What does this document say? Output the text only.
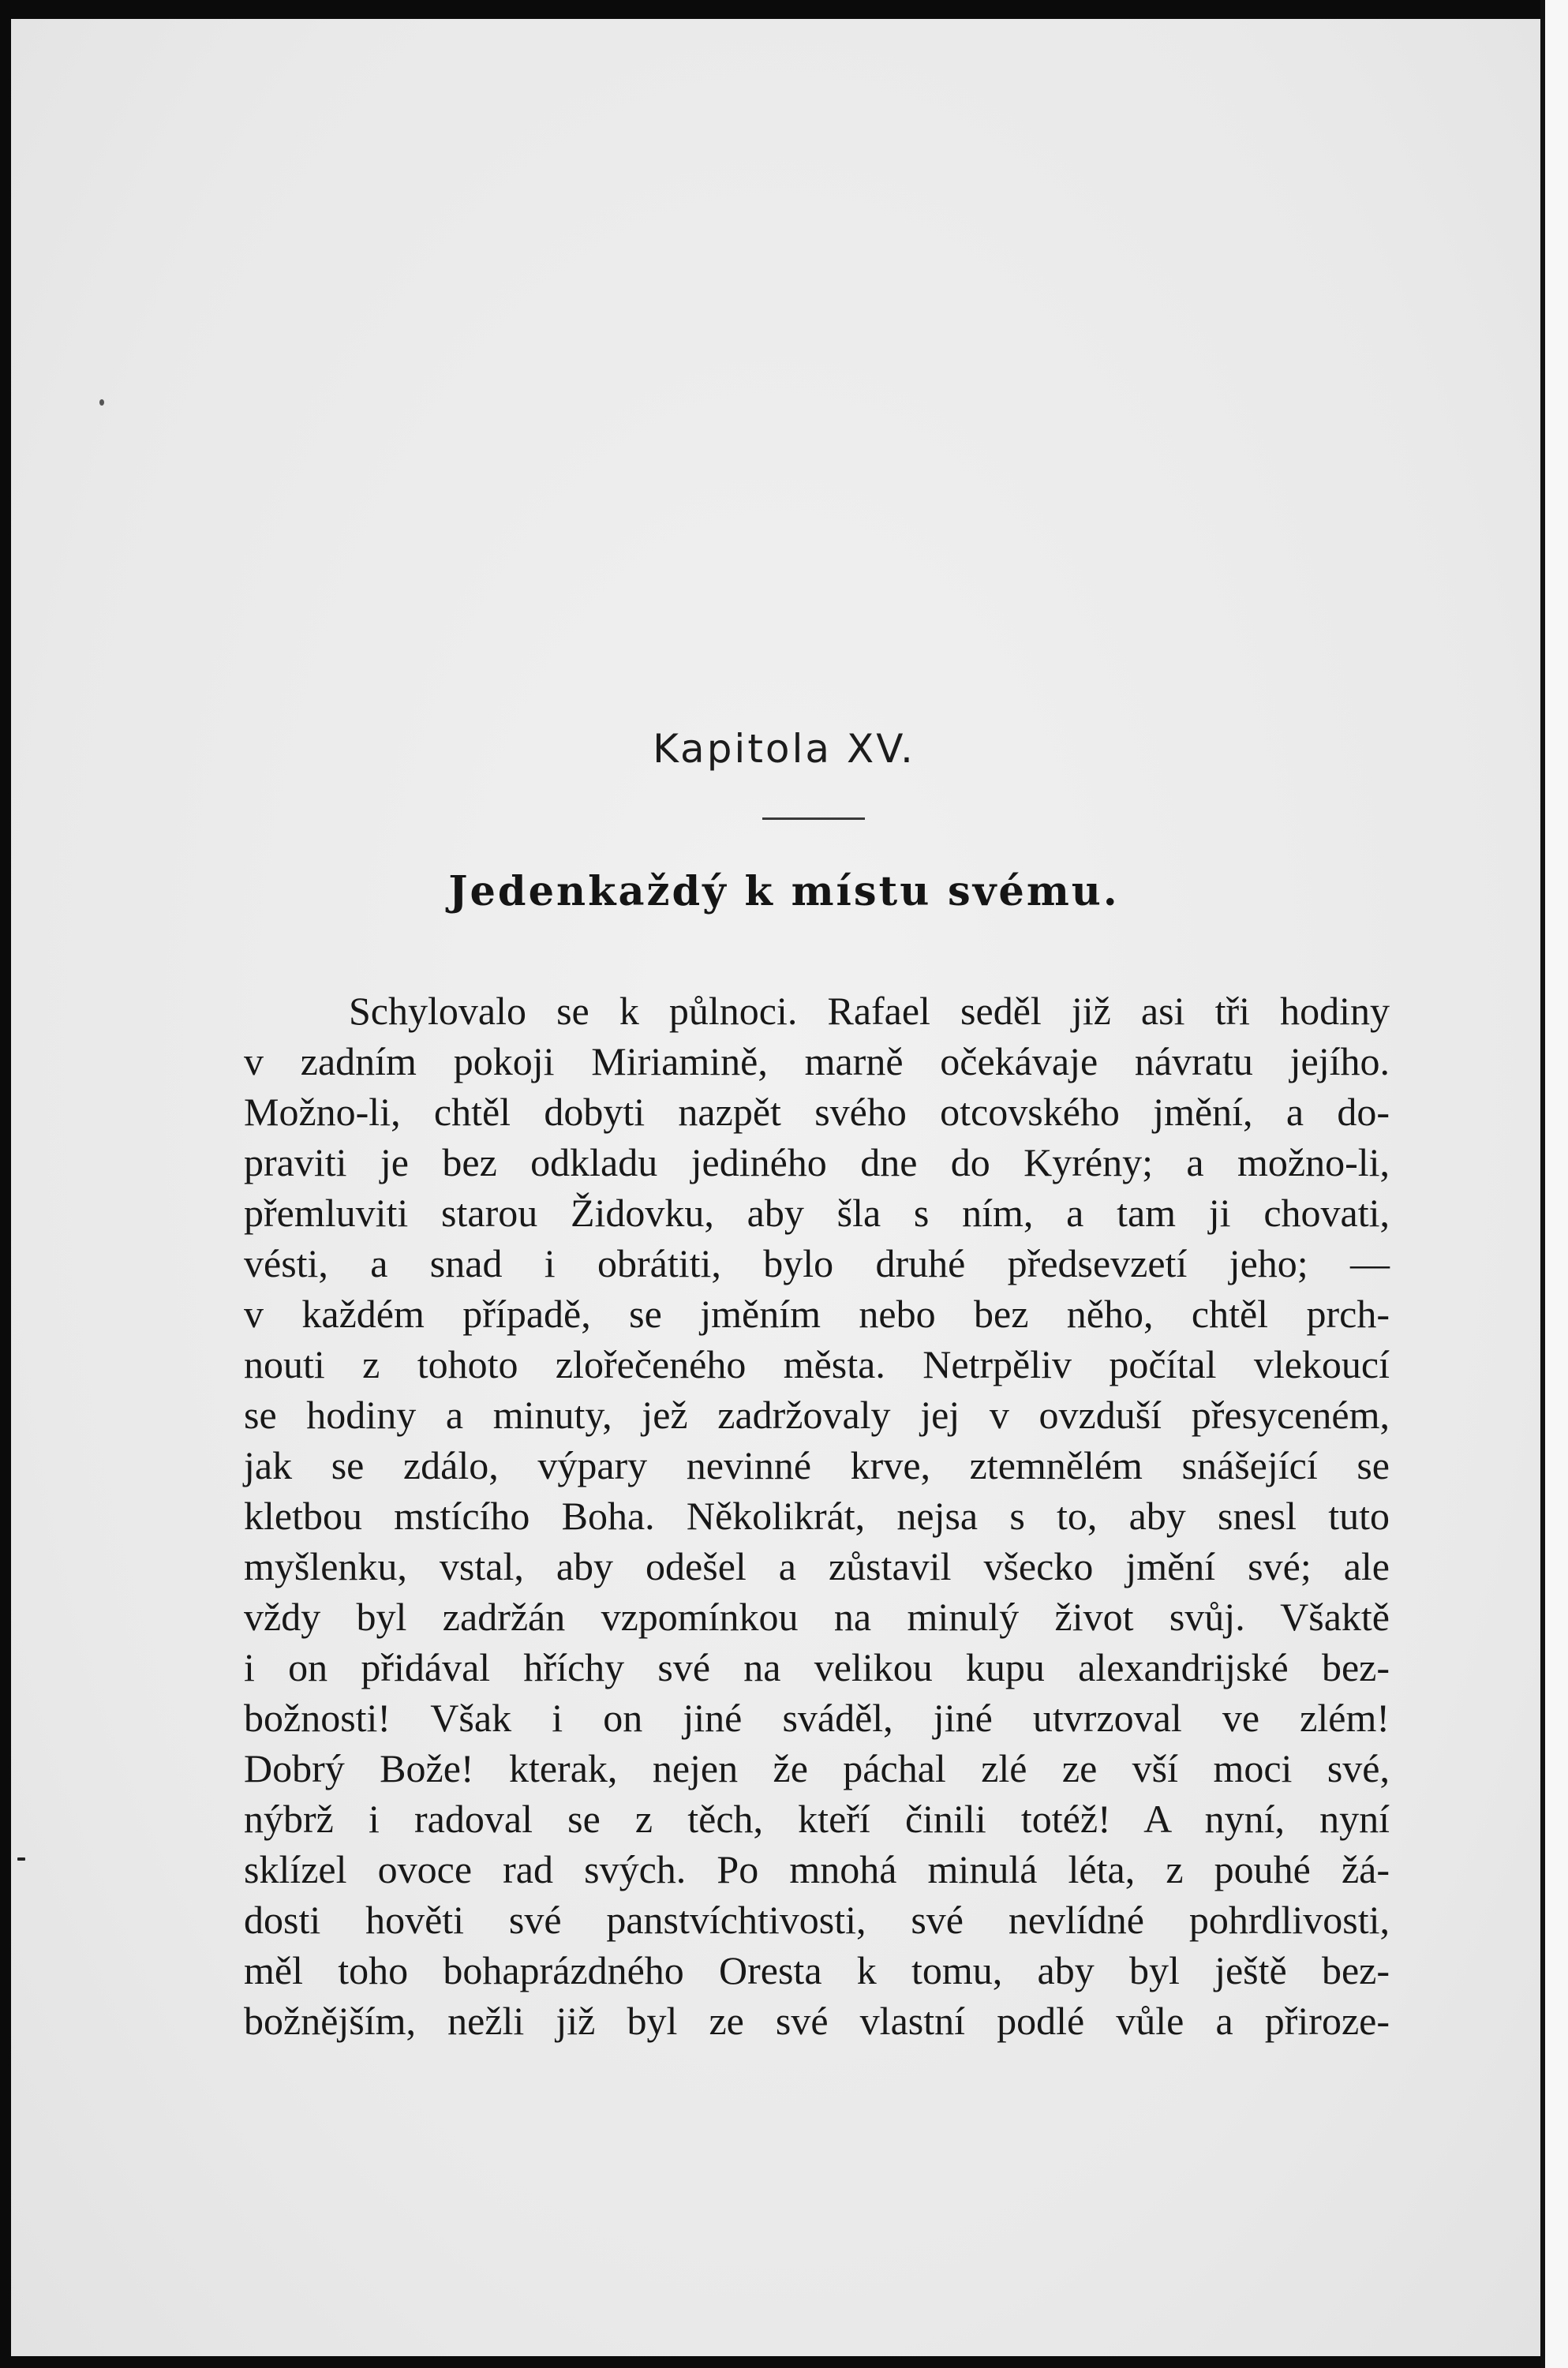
Kapitola XV.
Jedenkaždý k místu svému.
Schylovalo se k půlnoci. Rafael seděl již asi tři hodiny
v zadním pokoji Miriamině, marně očekávaje návratu jejího.
Možno-li, chtěl dobyti nazpět svého otcovského jmění, a do-
praviti je bez odkladu jediného dne do Kyrény; a možno-li,
přemluviti starou Židovku, aby šla s ním, a tam ji chovati,
vésti, a snad i obrátiti, bylo druhé předsevzetí jeho; —
v každém případě, se jměním nebo bez něho, chtěl prch-
nouti z tohoto zlořečeného města. Netrpěliv počítal vlekoucí
se hodiny a minuty, jež zadržovaly jej v ovzduší přesyceném,
jak se zdálo, výpary nevinné krve, ztemnělém snášející se
kletbou mstícího Boha. Několikrát, nejsa s to, aby snesl tuto
myšlenku, vstal, aby odešel a zůstavil všecko jmění své; ale
vždy byl zadržán vzpomínkou na minulý život svůj. Všaktě
i on přidával hříchy své na velikou kupu alexandrijské bez-
božnosti! Však i on jiné sváděl, jiné utvrzoval ve zlém!
Dobrý Bože! kterak, nejen že páchal zlé ze vší moci své,
nýbrž i radoval se z těch, kteří činili totéž! A nyní, nyní
sklízel ovoce rad svých. Po mnohá minulá léta, z pouhé žá-
dosti hověti své panstvíchtivosti, své nevlídné pohrdlivosti,
měl toho bohaprázdného Oresta k tomu, aby byl ještě bez-
božnějším, nežli již byl ze své vlastní podlé vůle a přiroze-
